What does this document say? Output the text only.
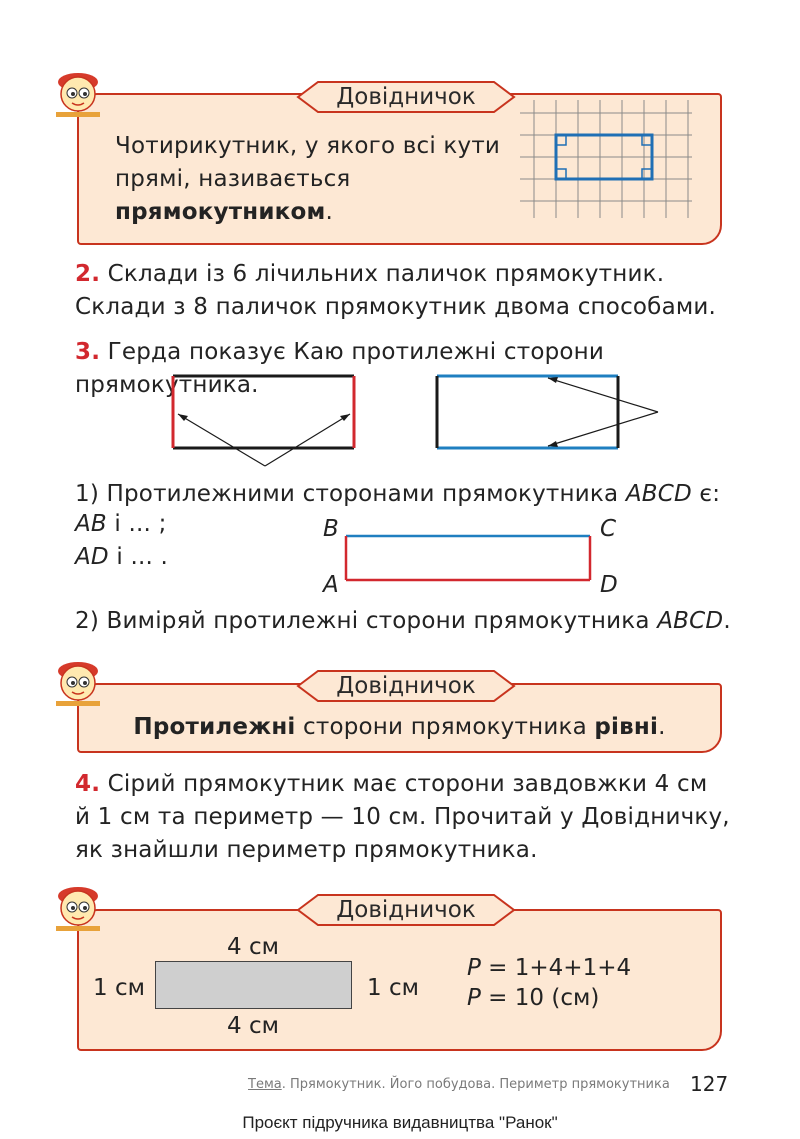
Довідничок
Чотирикутник, у якого всі кути
прямі, називається
прямокутником.
2. Склади із 6 лічильних паличок прямокутник.
Склади з 8 паличок прямокутник двома способами.
3. Герда показує Каю протилежні сторони прямокутника.
1) Протилежними сторонами прямокутника ABCD є:
AB і ... ;
AD і ... .
B	C
A	D
2) Виміряй протилежні сторони прямокутника ABCD.
Довідничок
Протилежні сторони прямокутника рівні.
4. Сірий прямокутник має сторони завдовжки 4 см
й 1 см та периметр — 10 см. Прочитай у Довідничку,
як знайшли периметр прямокутника.
Довідничок
4 см
4 см
1 см	1 см
P = 1+4+1+4
P = 10 (см)
Тема. Прямокутник. Його побудова. Периметр прямокутника 127
Проєкт підручника видавництва "Ранок"
